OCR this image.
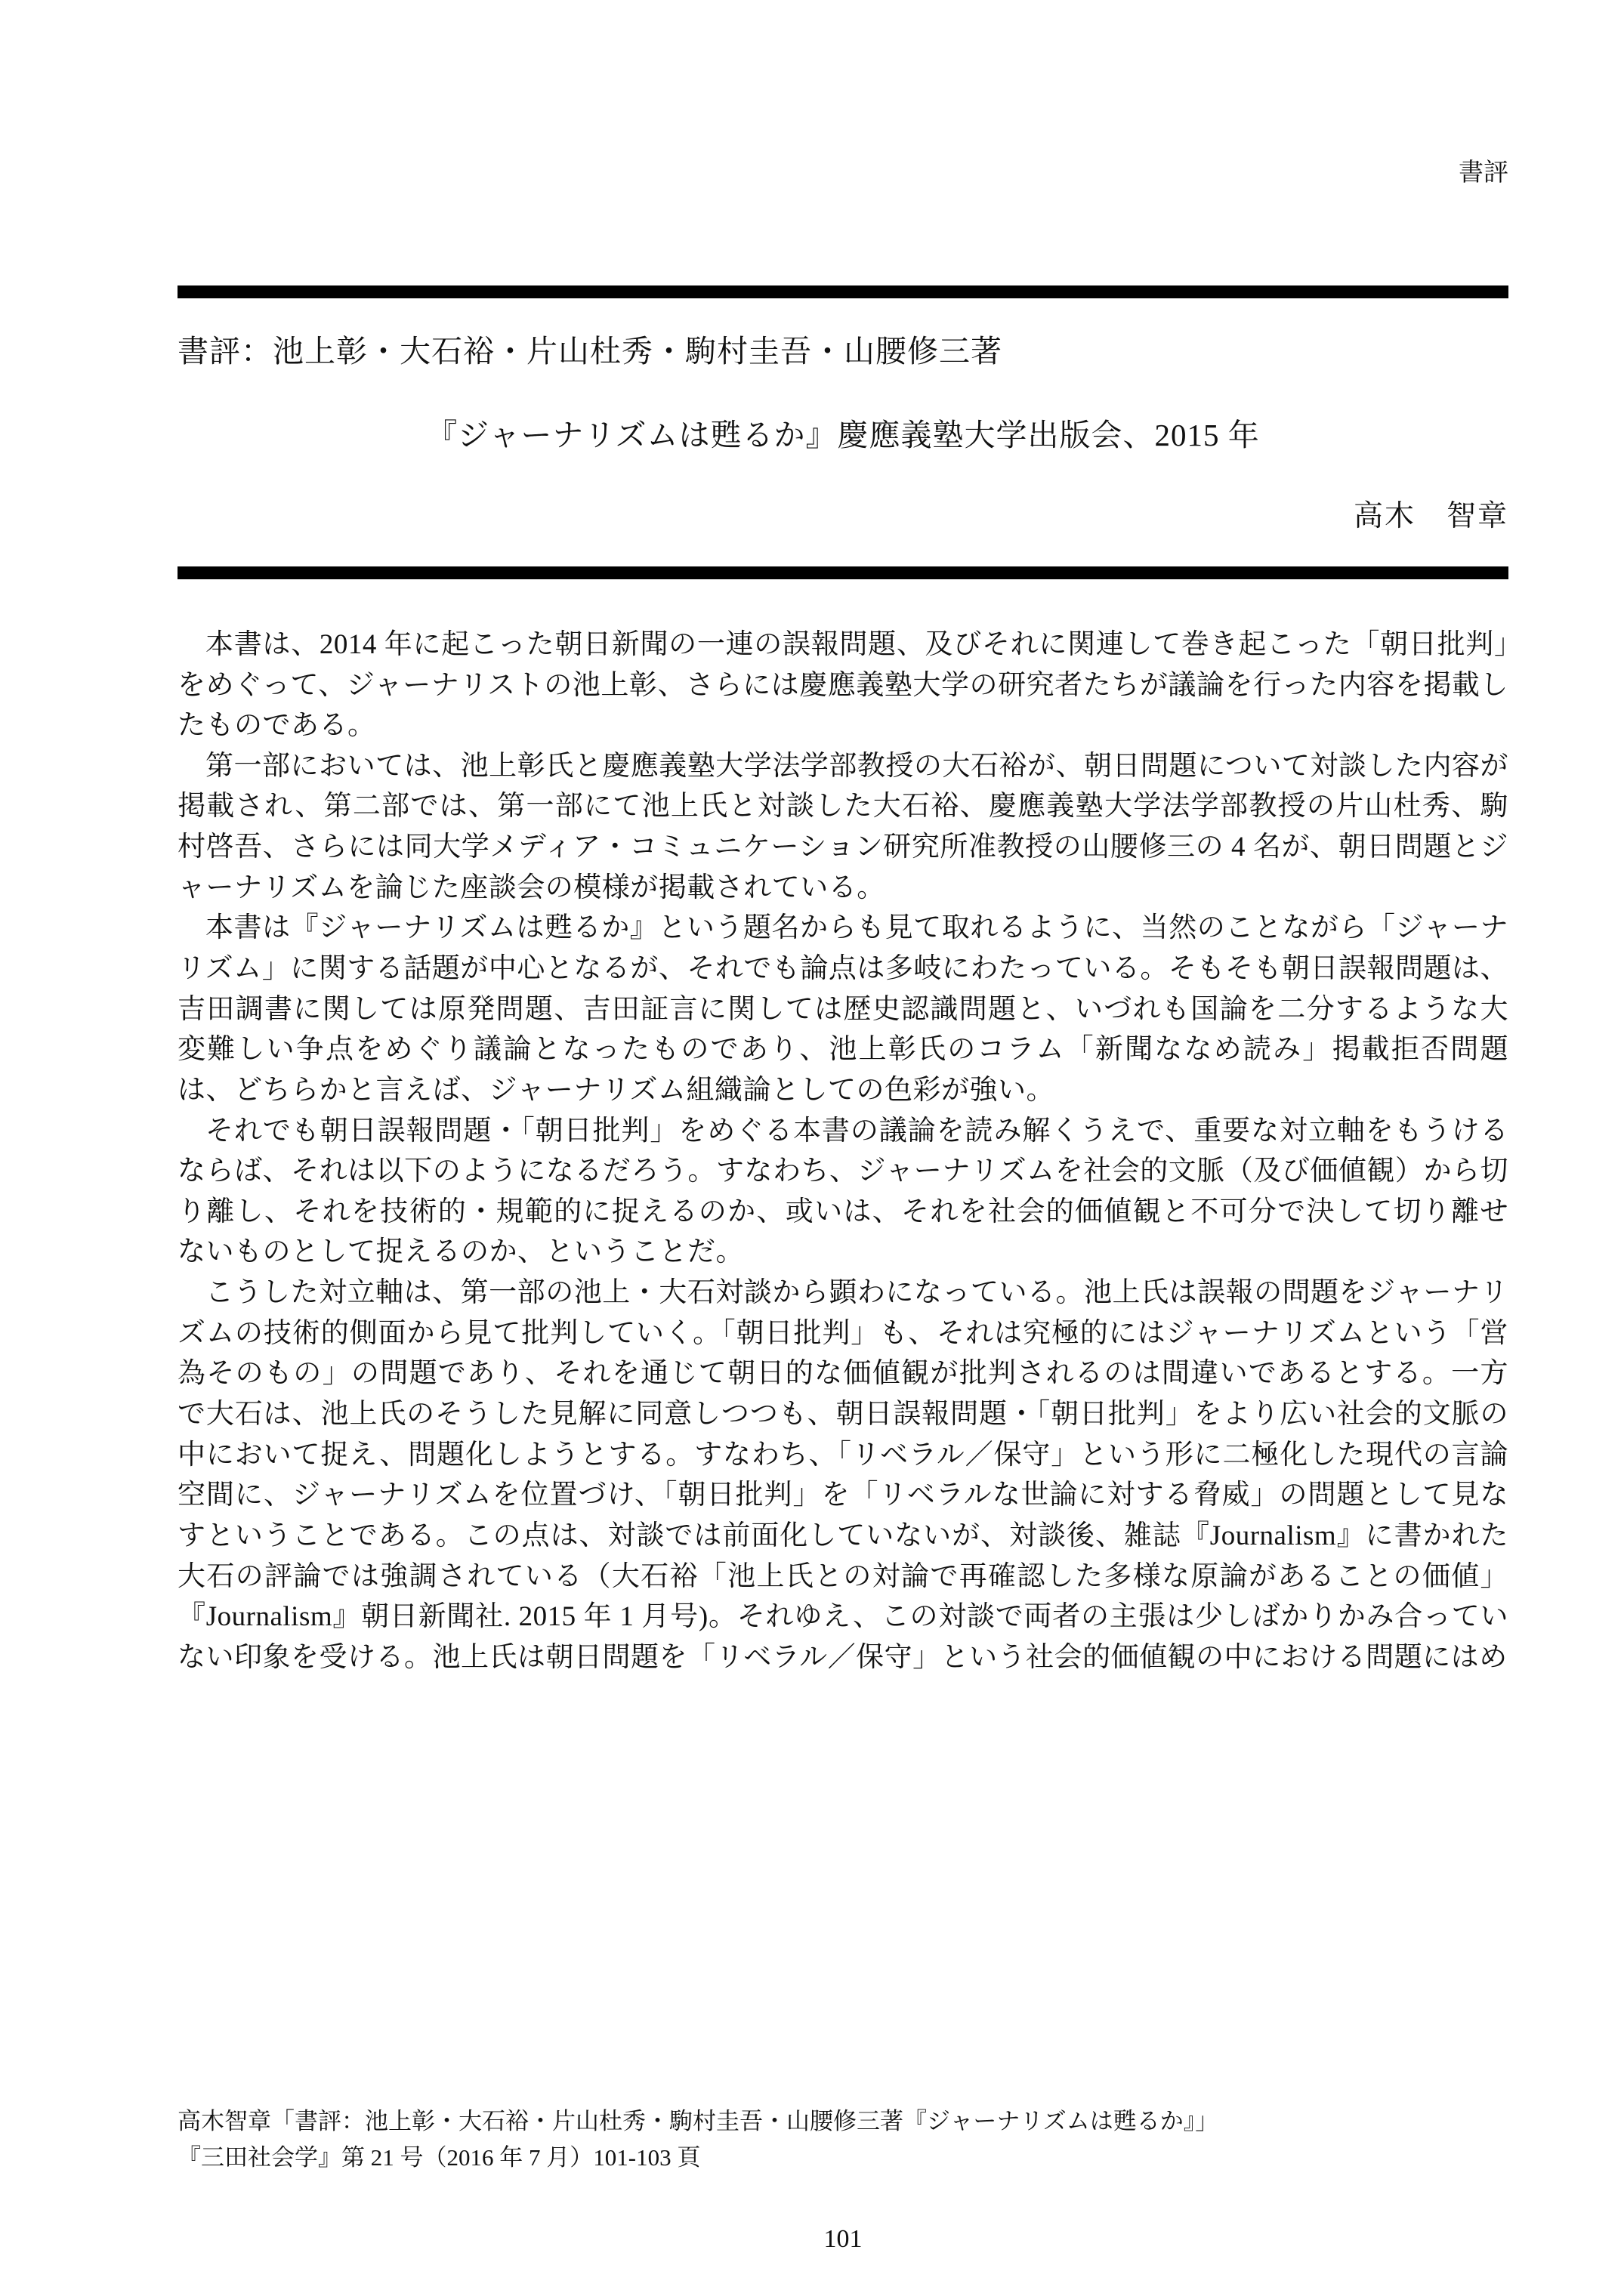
書評
書評：池上彰・大石裕・片山杜秀・駒村圭吾・山腰修三著
『ジャーナリズムは甦るか』慶應義塾大学出版会、2015 年
高木　智章

本書は、2014 年に起こった朝日新聞の一連の誤報問題、及びそれに関連して巻き起こった「朝日批判」をめぐって、ジャーナリストの池上彰、さらには慶應義塾大学の研究者たちが議論を行った内容を掲載したものである。

第一部においては、池上彰氏と慶應義塾大学法学部教授の大石裕が、朝日問題について対談した内容が掲載され、第二部では、第一部にて池上氏と対談した大石裕、慶應義塾大学法学部教授の片山杜秀、駒村啓吾、さらには同大学メディア・コミュニケーション研究所准教授の山腰修三の 4 名が、朝日問題とジャーナリズムを論じた座談会の模様が掲載されている。

本書は『ジャーナリズムは甦るか』という題名からも見て取れるように、当然のことながら「ジャーナリズム」に関する話題が中心となるが、それでも論点は多岐にわたっている。そもそも朝日誤報問題は、吉田調書に関しては原発問題、吉田証言に関しては歴史認識問題と、いづれも国論を二分するような大変難しい争点をめぐり議論となったものであり、池上彰氏のコラム「新聞ななめ読み」掲載拒否問題は、どちらかと言えば、ジャーナリズム組織論としての色彩が強い。

それでも朝日誤報問題・「朝日批判」をめぐる本書の議論を読み解くうえで、重要な対立軸をもうけるならば、それは以下のようになるだろう。すなわち、ジャーナリズムを社会的文脈（及び価値観）から切り離し、それを技術的・規範的に捉えるのか、或いは、それを社会的価値観と不可分で決して切り離せないものとして捉えるのか、ということだ。

こうした対立軸は、第一部の池上・大石対談から顕わになっている。池上氏は誤報の問題をジャーナリズムの技術的側面から見て批判していく。「朝日批判」も、それは究極的にはジャーナリズムという「営為そのもの」の問題であり、それを通じて朝日的な価値観が批判されるのは間違いであるとする。一方で大石は、池上氏のそうした見解に同意しつつも、朝日誤報問題・「朝日批判」をより広い社会的文脈の中において捉え、問題化しようとする。すなわち、「リベラル／保守」という形に二極化した現代の言論空間に、ジャーナリズムを位置づけ、「朝日批判」を「リベラルな世論に対する脅威」の問題として見なすということである。この点は、対談では前面化していないが、対談後、雑誌『Journalism』に書かれた大石の評論では強調されている（大石裕「池上氏との対論で再確認した多様な原論があることの価値」『Journalism』朝日新聞社. 2015 年 1 月号)。それゆえ、この対談で両者の主張は少しばかりかみ合っていない印象を受ける。池上氏は朝日問題を「リベラル／保守」という社会的価値観の中における問題にはめ

高木智章「書評：池上彰・大石裕・片山杜秀・駒村圭吾・山腰修三著『ジャーナリズムは甦るか』」
『三田社会学』第 21 号（2016 年 7 月）101-103 頁
101
